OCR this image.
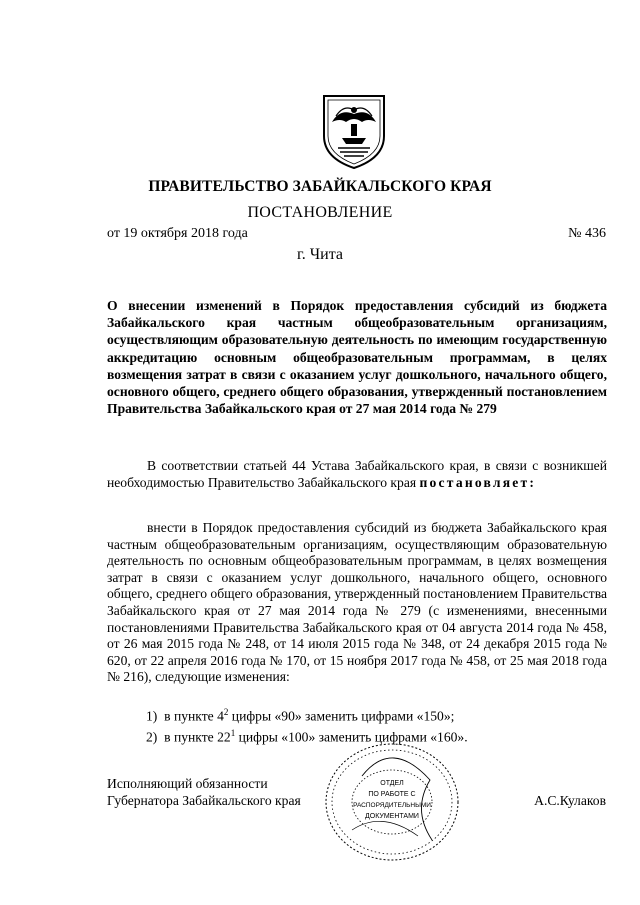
ПРАВИТЕЛЬСТВО ЗАБАЙКАЛЬСКОГО КРАЯ
ПОСТАНОВЛЕНИЕ
от 19 октября 2018 года	№ 436
г. Чита
О внесении изменений в Порядок предоставления субсидий из бюджета Забайкальского края частным общеобразовательным организациям, осуществляющим образовательную деятельность по имеющим государственную аккредитацию основным общеобразовательным программам, в целях возмещения затрат в связи с оказанием услуг дошкольного, начального общего, основного общего, среднего общего образования, утвержденный постановлением Правительства Забайкальского края от 27 мая 2014 года № 279
В соответствии статьей 44 Устава Забайкальского края, в связи с возникшей необходимостью Правительство Забайкальского края постановляет:
внести в Порядок предоставления субсидий из бюджета Забайкальского края частным общеобразовательным организациям, осуществляющим образовательную деятельность по основным общеобразовательным программам, в целях возмещения затрат в связи с оказанием услуг дошкольного, начального общего, основного общего, среднего общего образования, утвержденный постановлением Правительства Забайкальского края от 27 мая 2014 года № 279 (с изменениями, внесенными постановлениями Правительства Забайкальского края от 04 августа 2014 года № 458, от 26 мая 2015 года № 248, от 14 июля 2015 года № 348, от 24 декабря 2015 года № 620, от 22 апреля 2016 года № 170, от 15 ноября 2017 года № 458, от 25 мая 2018 года № 216), следующие изменения:
1) в пункте $4^2$ цифры «90» заменить цифрами «150»;
2) в пункте $22^1$ цифры «100» заменить цифрами «160».
Исполняющий обязанности
Губернатора Забайкальского края	А.С.Кулаков
ОТДЕЛ
ПО РАБОТЕ С
РАСПОРЯДИТЕЛЬНЫМИ
ДОКУМЕНТАМИ
